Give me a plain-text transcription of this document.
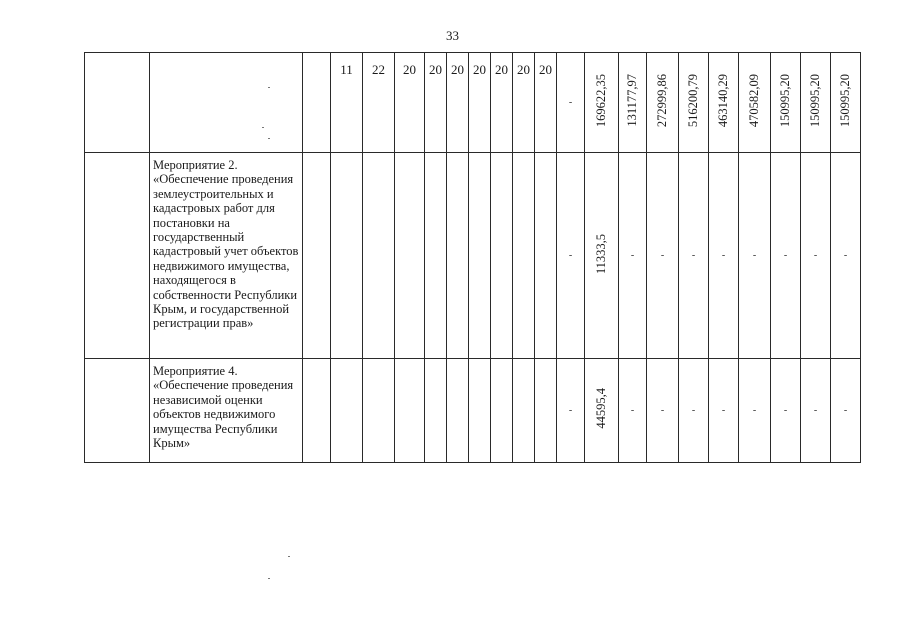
33

			11	22	20	20	20	20	20	20	20	-	169622,35	131177,97	272999,86	516200,79	463140,29	470582,09	150995,20	150995,20	150995,20
	Мероприятие 2. «Обеспечение проведения землеустроительных и кадастровых работ для постановки на государственный кадастровый учет объектов недвижимого имущества, находящегося в собственности Республики Крым, и государственной регистрации прав»											-	11333,5	-	-	-	-	-	-	-	-
	Мероприятие 4. «Обеспечение проведения независимой оценки объектов недвижимого имущества Республики Крым»											-	44595,4	-	-	-	-	-	-	-	-
